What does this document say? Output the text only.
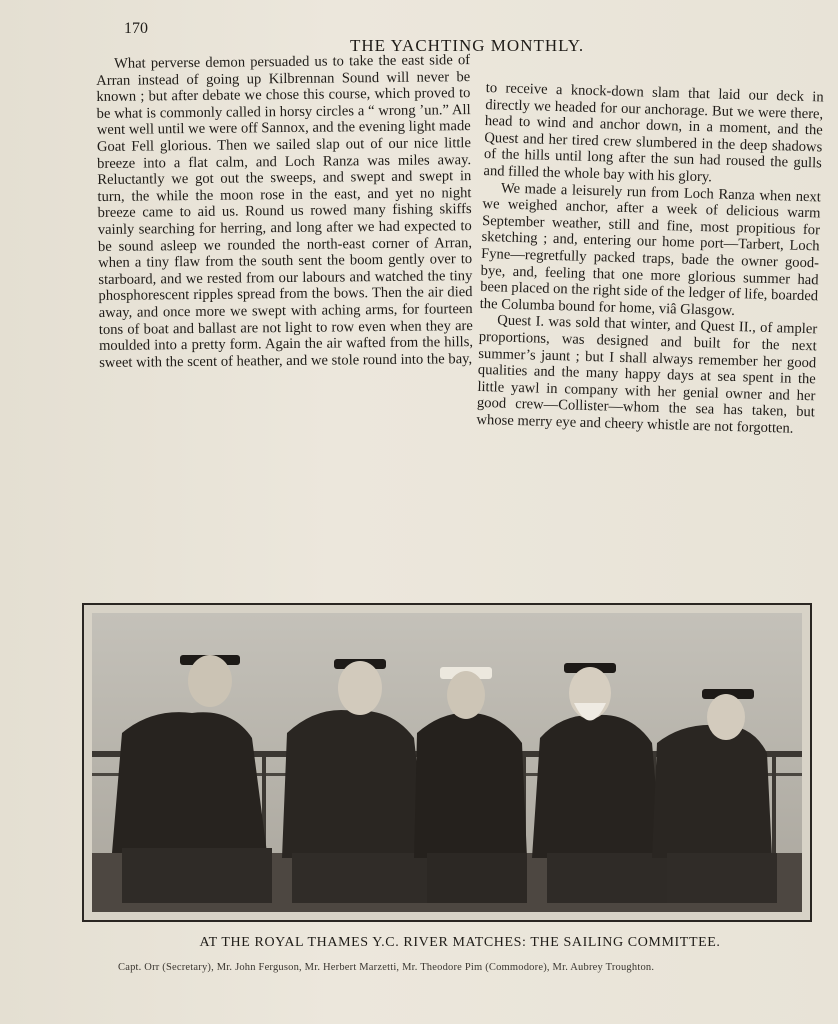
170
THE YACHTING MONTHLY.

What perverse demon persuaded us to take the east side of Arran instead of going up Kilbrennan Sound will never be known ; but after debate we chose this course, which proved to be what is commonly called in horsy circles a “ wrong ’un.” All went well until we were off Sannox, and the evening light made Goat Fell glorious. Then we sailed slap out of our nice little breeze into a flat calm, and Loch Ranza was miles away. Reluctantly we got out the sweeps, and swept and swept in turn, the while the moon rose in the east, and yet no night breeze came to aid us. Round us rowed many fishing skiffs vainly searching for herring, and long after we had expected to be sound asleep we rounded the north-east corner of Arran, when a tiny flaw from the south sent the boom gently over to starboard, and we rested from our labours and watched the tiny phosphorescent ripples spread from the bows. Then the air died away, and once more we swept with aching arms, for fourteen tons of boat and ballast are not light to row even when they are moulded into a pretty form. Again the air wafted from the hills, sweet with the scent of heather, and we stole round into the bay,

to receive a knock-down slam that laid our deck in directly we headed for our anchorage. But we were there, head to wind and anchor down, in a moment, and the Quest and her tired crew slumbered in the deep shadows of the hills until long after the sun had roused the gulls and filled the whole bay with his glory.

We made a leisurely run from Loch Ranza when next we weighed anchor, after a week of delicious warm September weather, still and fine, most propitious for sketching ; and, entering our home port—Tarbert, Loch Fyne—regretfully packed traps, bade the owner good-bye, and, feeling that one more glorious summer had been placed on the right side of the ledger of life, boarded the Columba bound for home, viâ Glasgow.

Quest I. was sold that winter, and Quest II., of ampler proportions, was designed and built for the next summer’s jaunt ; but I shall always remember her good qualities and the many happy days at sea spent in the little yawl in company with her genial owner and her good crew—Collister—whom the sea has taken, but whose merry eye and cheery whistle are not forgotten.

AT THE ROYAL THAMES Y.C. RIVER MATCHES: THE SAILING COMMITTEE.
Capt. Orr (Secretary), Mr. John Ferguson, Mr. Herbert Marzetti, Mr. Theodore Pim (Commodore), Mr. Aubrey Troughton.
